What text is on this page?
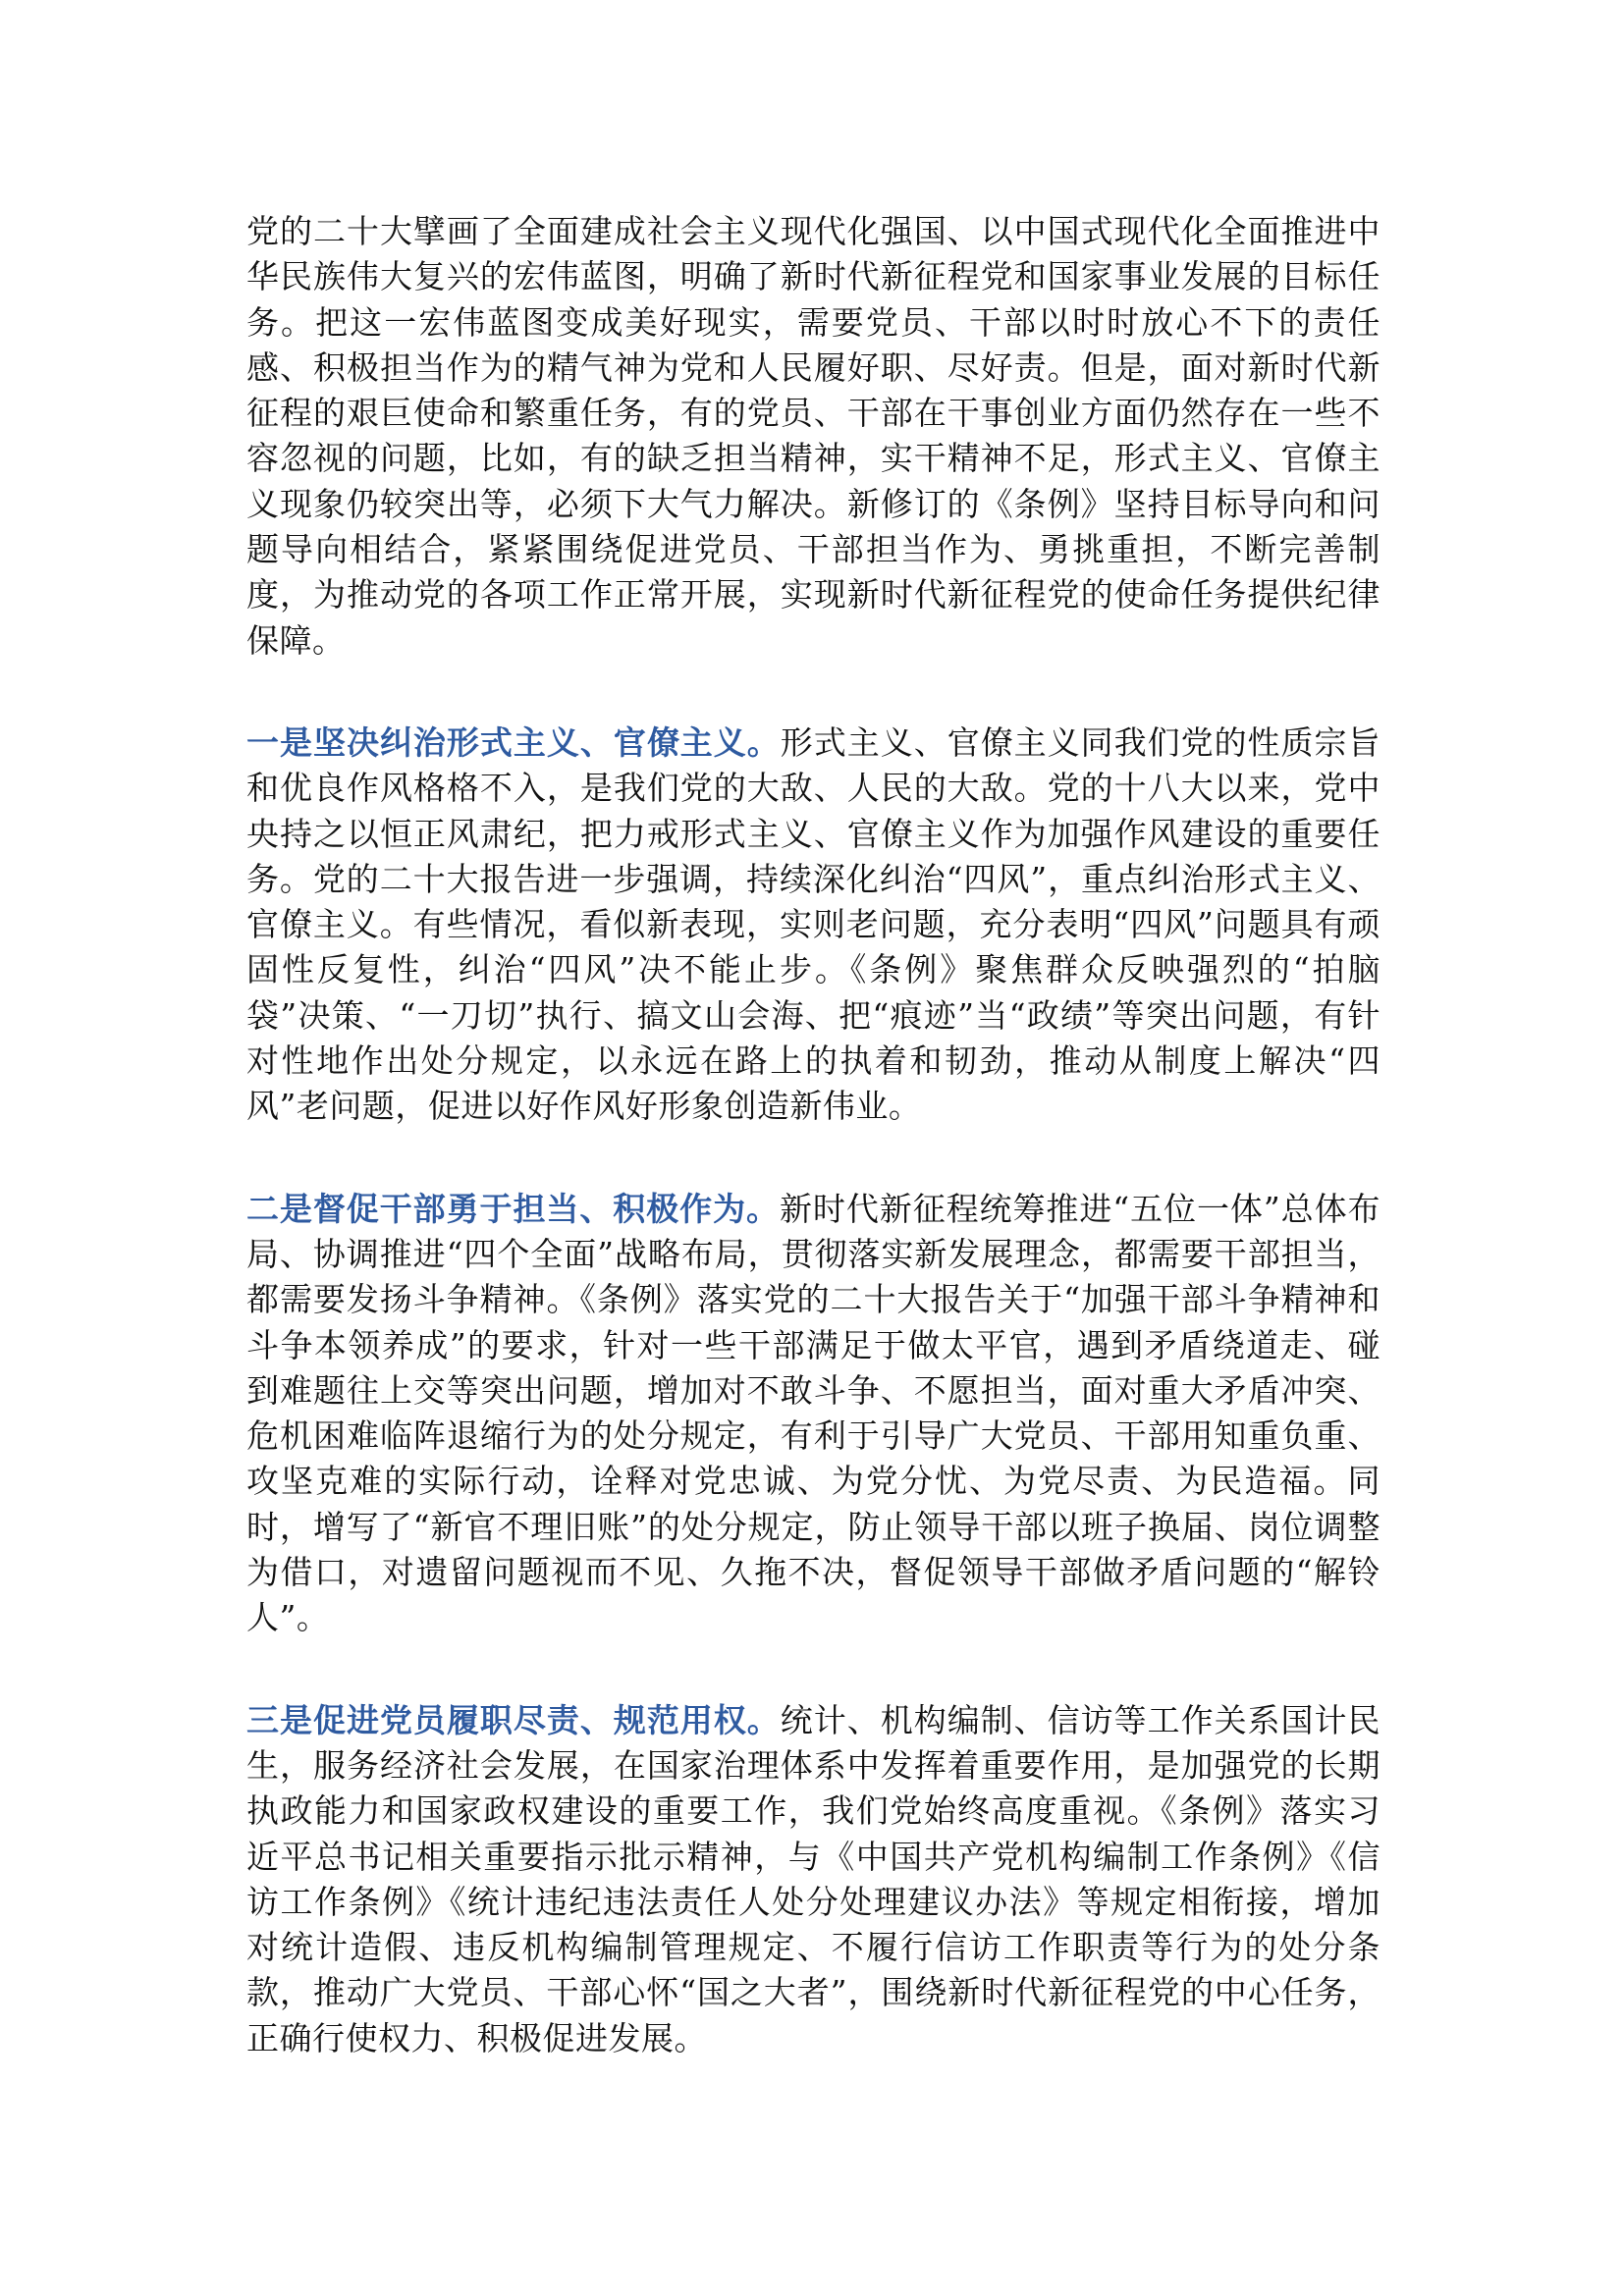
党的二十大擘画了全面建成社会主义现代化强国、以中国式现代化全面推进中华民族伟大复兴的宏伟蓝图，明确了新时代新征程党和国家事业发展的目标任务。把这一宏伟蓝图变成美好现实，需要党员、干部以时时放心不下的责任感、积极担当作为的精气神为党和人民履好职、尽好责。但是，面对新时代新征程的艰巨使命和繁重任务，有的党员、干部在干事创业方面仍然存在一些不容忽视的问题，比如，有的缺乏担当精神，实干精神不足，形式主义、官僚主义现象仍较突出等，必须下大气力解决。新修订的《条例》坚持目标导向和问题导向相结合，紧紧围绕促进党员、干部担当作为、勇挑重担，不断完善制度，为推动党的各项工作正常开展，实现新时代新征程党的使命任务提供纪律保障。

一是坚决纠治形式主义、官僚主义。形式主义、官僚主义同我们党的性质宗旨和优良作风格格不入，是我们党的大敌、人民的大敌。党的十八大以来，党中央持之以恒正风肃纪，把力戒形式主义、官僚主义作为加强作风建设的重要任务。党的二十大报告进一步强调，持续深化纠治“四风”，重点纠治形式主义、官僚主义。有些情况，看似新表现，实则老问题，充分表明“四风”问题具有顽固性反复性，纠治“四风”决不能止步。《条例》聚焦群众反映强烈的“拍脑袋”决策、“一刀切”执行、搞文山会海、把“痕迹”当“政绩”等突出问题，有针对性地作出处分规定，以永远在路上的执着和韧劲，推动从制度上解决“四风”老问题，促进以好作风好形象创造新伟业。

二是督促干部勇于担当、积极作为。新时代新征程统筹推进“五位一体”总体布局、协调推进“四个全面”战略布局，贯彻落实新发展理念，都需要干部担当，都需要发扬斗争精神。《条例》落实党的二十大报告关于“加强干部斗争精神和斗争本领养成”的要求，针对一些干部满足于做太平官，遇到矛盾绕道走、碰到难题往上交等突出问题，增加对不敢斗争、不愿担当，面对重大矛盾冲突、危机困难临阵退缩行为的处分规定，有利于引导广大党员、干部用知重负重、攻坚克难的实际行动，诠释对党忠诚、为党分忧、为党尽责、为民造福。同时，增写了“新官不理旧账”的处分规定，防止领导干部以班子换届、岗位调整为借口，对遗留问题视而不见、久拖不决，督促领导干部做矛盾问题的“解铃人”。

三是促进党员履职尽责、规范用权。统计、机构编制、信访等工作关系国计民生，服务经济社会发展，在国家治理体系中发挥着重要作用，是加强党的长期执政能力和国家政权建设的重要工作，我们党始终高度重视。《条例》落实习近平总书记相关重要指示批示精神，与《中国共产党机构编制工作条例》《信访工作条例》《统计违纪违法责任人处分处理建议办法》等规定相衔接，增加对统计造假、违反机构编制管理规定、不履行信访工作职责等行为的处分条款，推动广大党员、干部心怀“国之大者”，围绕新时代新征程党的中心任务，正确行使权力、积极促进发展。
